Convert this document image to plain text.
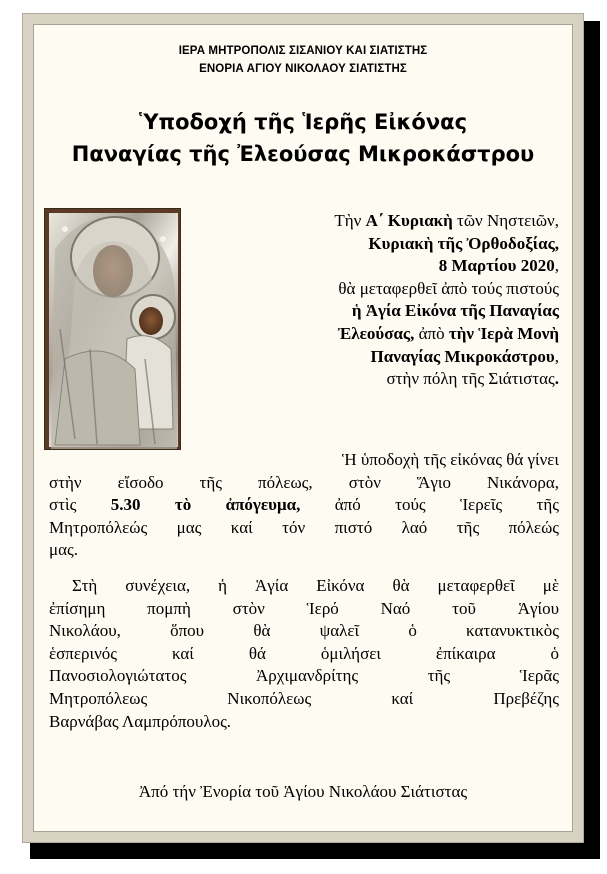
ΙΕΡΑ ΜΗΤΡΟΠΟΛΙΣ ΣΙΣΑΝΙΟΥ ΚΑΙ ΣΙΑΤΙΣΤΗΣ
ΕΝΟΡΙΑ ΑΓΙΟΥ ΝΙΚΟΛΑΟΥ ΣΙΑΤΙΣΤΗΣ
Ὑποδοχή τῆς Ἱερῆς Εἰκόνας
Παναγίας τῆς Ἐλεούσας Μικροκάστρου
Τὴν Α΄ Κυριακὴ τῶν Νηστειῶν,
Κυριακὴ τῆς Ὀρθοδοξίας,
8 Μαρτίου 2020,
θὰ μεταφερθεῖ ἀπὸ τούς πιστούς
ἡ Ἁγία Εἰκόνα τῆς Παναγίας
Ἐλεούσας, ἀπὸ τὴν Ἱερὰ Μονὴ
Παναγίας Μικροκάστρου,
στὴν πόλη τῆς Σιάτιστας.
Ἡ ὑποδοχὴ τῆς εἰκόνας θά γίνει
στὴν εἴσοδο τῆς πόλεως, στὸν Ἅγιο Νικάνορα,
στὶς 5.30 τὸ ἀπόγευμα, ἀπό τούς Ἱερεῖς τῆς
Μητροπόλεώς μας καί τόν πιστό λαό τῆς πόλεώς
μας.
Στὴ συνέχεια, ἡ Ἁγία Εἰκόνα θὰ μεταφερθεῖ μὲ
ἐπίσημη πομπὴ στὸν Ἱερό Ναό τοῦ Ἁγίου
Νικολάου, ὅπου θὰ ψαλεῖ ὁ κατανυκτικὸς
ἑσπερινός καί θά ὁμιλήσει ἐπίκαιρα ὁ
Πανοσιολογιώτατος Ἀρχιμανδρίτης τῆς Ἱερᾶς
Μητροπόλεως Νικοπόλεως καί Πρεβέζης
Βαρνάβας Λαμπρόπουλος.
Ἀπό τήν Ἐνορία τοῦ Ἁγίου Νικολάου Σιάτιστας
